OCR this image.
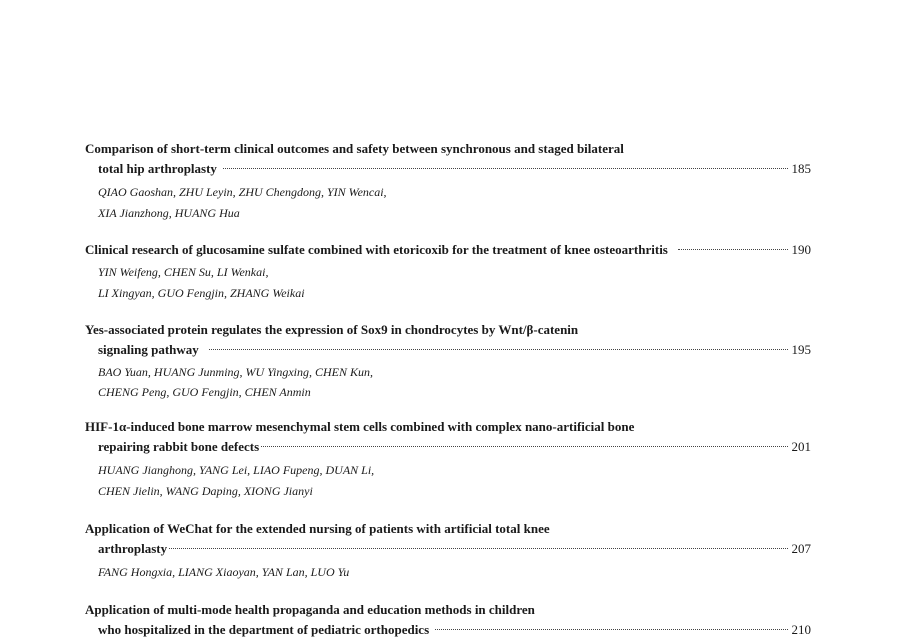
Comparison of short-term clinical outcomes and safety between synchronous and staged bilateral
total hip arthroplasty	185
QIAO Gaoshan, ZHU Leyin, ZHU Chengdong, YIN Wencai,
XIA Jianzhong, HUANG Hua
Clinical research of glucosamine sulfate combined with etoricoxib for the treatment of knee osteoarthritis	190
YIN Weifeng, CHEN Su, LI Wenkai,
LI Xingyan, GUO Fengjin, ZHANG Weikai
Yes-associated protein regulates the expression of Sox9 in chondrocytes by Wnt/β-catenin
signaling pathway	195
BAO Yuan, HUANG Junming, WU Yingxing, CHEN Kun,
CHENG Peng, GUO Fengjin, CHEN Anmin
HIF-1α-induced bone marrow mesenchymal stem cells combined with complex nano-artificial bone
repairing rabbit bone defects	201
HUANG Jianghong, YANG Lei, LIAO Fupeng, DUAN Li,
CHEN Jielin, WANG Daping, XIONG Jianyi
Application of WeChat for the extended nursing of patients with artificial total knee
arthroplasty	207
FANG Hongxia, LIANG Xiaoyan, YAN Lan, LUO Yu
Application of multi-mode health propaganda and education methods in children
who hospitalized in the department of pediatric orthopedics	210
